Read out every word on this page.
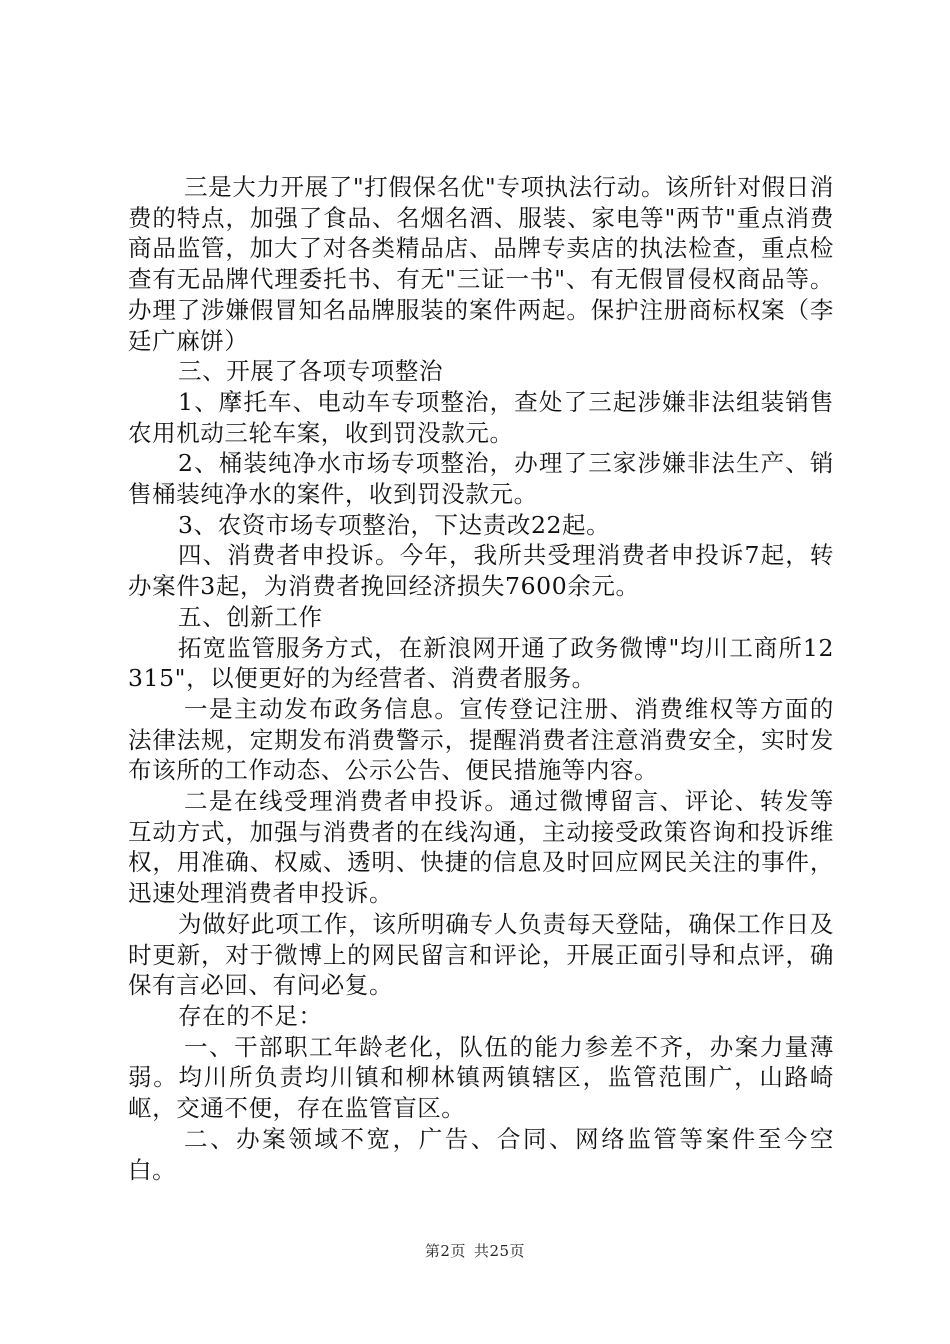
三是大力开展了"打假保名优"专项执法行动。该所针对假日消费的特点，加强了食品、名烟名酒、服装、家电等"两节"重点消费商品监管，加大了对各类精品店、品牌专卖店的执法检查，重点检查有无品牌代理委托书、有无"三证一书"、有无假冒侵权商品等。办理了涉嫌假冒知名品牌服装的案件两起。保护注册商标权案（李廷广麻饼）

三、开展了各项专项整治

1、摩托车、电动车专项整治，查处了三起涉嫌非法组装销售农用机动三轮车案，收到罚没款元。

2、桶装纯净水市场专项整治，办理了三家涉嫌非法生产、销售桶装纯净水的案件，收到罚没款元。

3、农资市场专项整治，下达责改22起。

四、消费者申投诉。今年，我所共受理消费者申投诉7起，转办案件3起，为消费者挽回经济损失7600余元。

五、创新工作

拓宽监管服务方式，在新浪网开通了政务微博"均川工商所12315"，以便更好的为经营者、消费者服务。

一是主动发布政务信息。宣传登记注册、消费维权等方面的法律法规，定期发布消费警示，提醒消费者注意消费安全，实时发布该所的工作动态、公示公告、便民措施等内容。

二是在线受理消费者申投诉。通过微博留言、评论、转发等互动方式，加强与消费者的在线沟通，主动接受政策咨询和投诉维权，用准确、权威、透明、快捷的信息及时回应网民关注的事件，迅速处理消费者申投诉。

为做好此项工作，该所明确专人负责每天登陆，确保工作日及时更新，对于微博上的网民留言和评论，开展正面引导和点评，确保有言必回、有问必复。

存在的不足：

一、干部职工年龄老化，队伍的能力参差不齐，办案力量薄弱。均川所负责均川镇和柳林镇两镇辖区，监管范围广，山路崎岖，交通不便，存在监管盲区。

二、办案领域不宽，广告、合同、网络监管等案件至今空白。

第2页 共25页
